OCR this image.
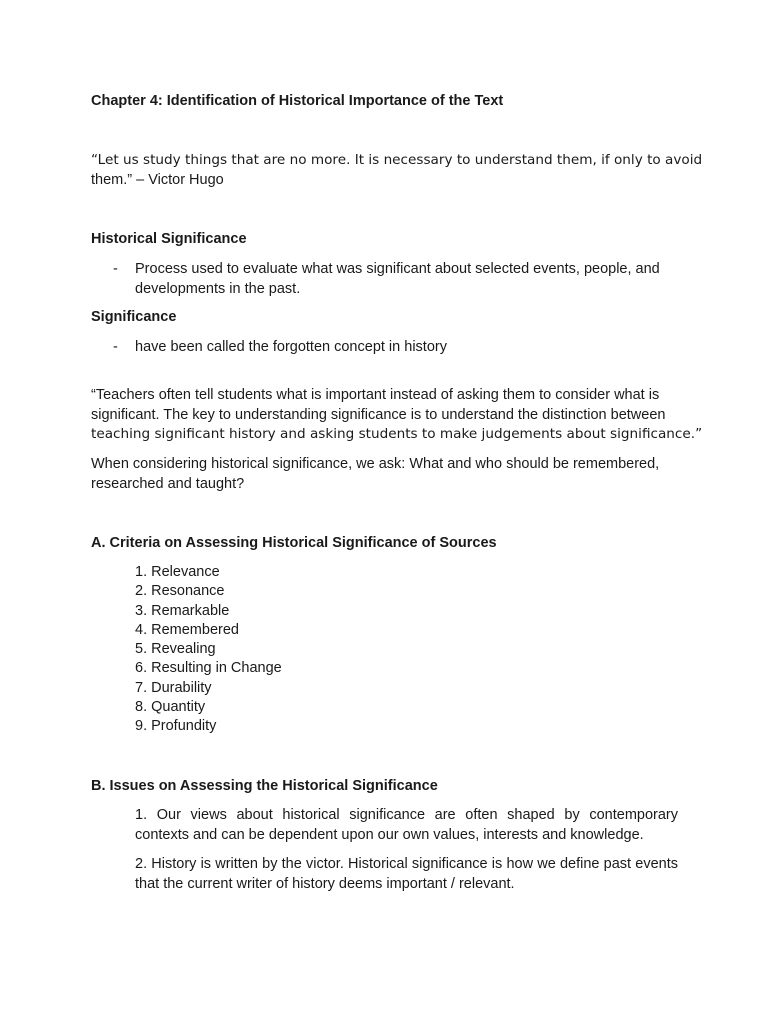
Chapter 4: Identification of Historical Importance of the Text

“Let us study things that are no more. It is necessary to understand them, if only to avoid
them.” – Victor Hugo

Historical Significance

- Process used to evaluate what was significant about selected events, people, and
developments in the past.

Significance

- have been called the forgotten concept in history
“Teachers often tell students what is important instead of asking them to consider what is
significant. The key to understanding significance is to understand the distinction between
teaching significant history and asking students to make judgements about significance.”
When considering historical significance, we ask: What and who should be remembered,
researched and taught?

A. Criteria on Assessing Historical Significance of Sources

1. Relevance
2. Resonance
3. Remarkable
4. Remembered
5. Revealing
6. Resulting in Change
7. Durability
8. Quantity
9. Profundity

B. Issues on Assessing the Historical Significance

1. Our views about historical significance are often shaped by contemporary contexts and can be dependent upon our own values, interests and knowledge.
2. History is written by the victor. Historical significance is how we define past events that the current writer of history deems important / relevant.
